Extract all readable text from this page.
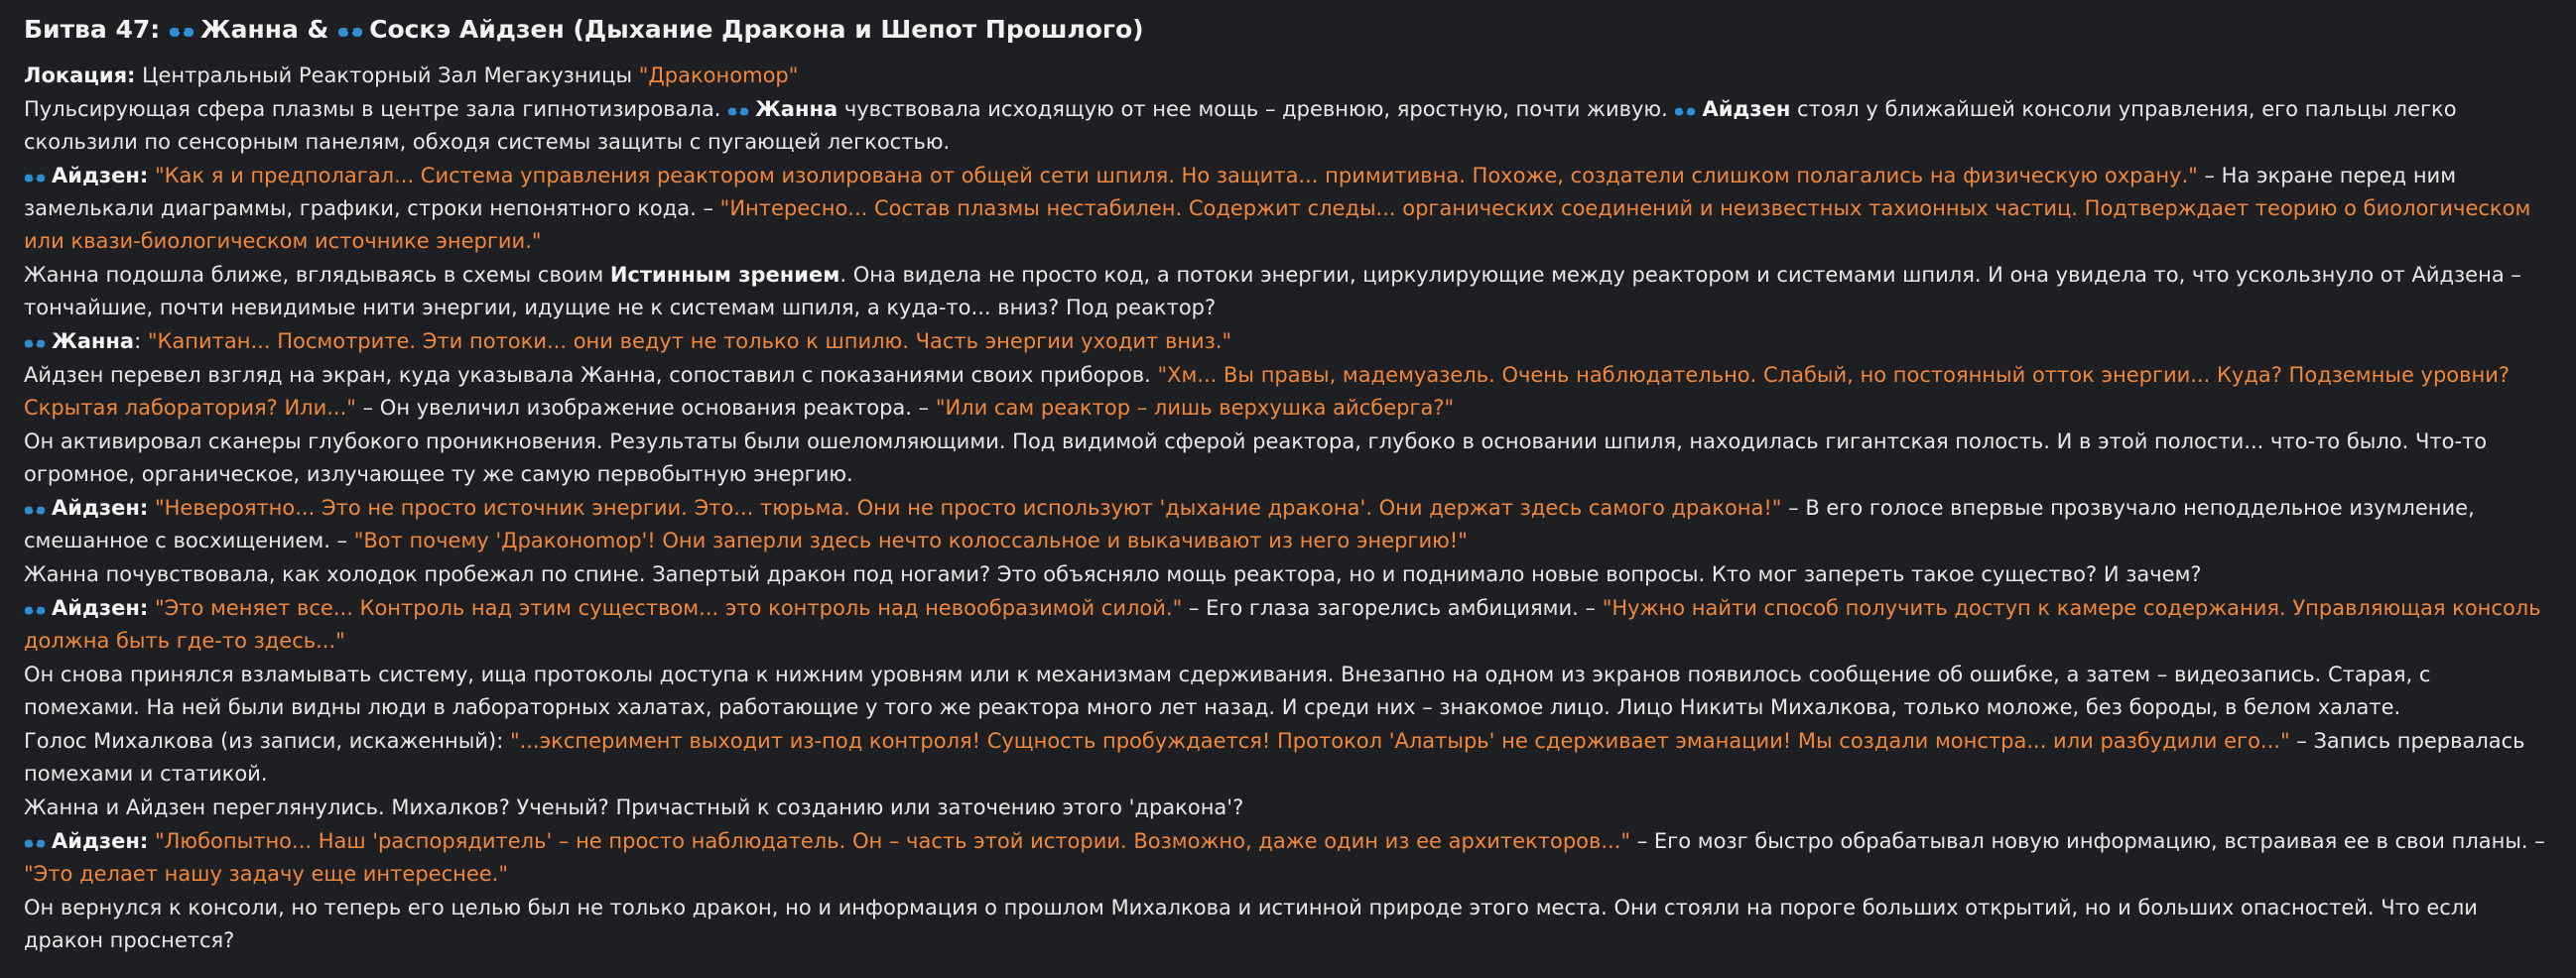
Битва 47: Жанна & Соскэ Айдзен (Дыхание Дракона и Шепот Прошлого)
Локация: Центральный Реакторный Зал Мегакузницы "Драконоmор"
Пульсирующая сфера плазмы в центре зала гипнотизировала.
Жанна чувствовала исходящую от нее мощь – древнюю, яростную, почти живую.
Айдзен стоял у ближайшей консоли управления, его пальцы легко скользили по сенсорным панелям, обходя системы защиты с пугающей легкостью.
Айдзен: "Как я и предполагал... Система управления реактором изолирована от общей сети шпиля. Но защита... примитивна. Похоже, создатели слишком полагались на физическую охрану." – На экране перед ним замелькали диаграммы, графики, строки непонятного кода. – "Интересно... Состав плазмы нестабилен. Содержит следы... органических соединений и неизвестных тахионных частиц. Подтверждает теорию о биологическом или квази-биологическом источнике энергии."
Жанна подошла ближе, вглядываясь в схемы своим Истинным зрением. Она видела не просто код, а потоки энергии, циркулирующие между реактором и системами шпиля. И она увидела то, что ускользнуло от Айдзена – тончайшие, почти невидимые нити энергии, идущие не к системам шпиля, а куда-то... вниз? Под реактор?
Жанна: "Капитан... Посмотрите. Эти потоки... они ведут не только к шпилю. Часть энергии уходит вниз."
Айдзен перевел взгляд на экран, куда указывала Жанна, сопоставил с показаниями своих приборов. "Хм... Вы правы, мадемуазель. Очень наблюдательно. Слабый, но постоянный отток энергии... Куда? Подземные уровни? Скрытая лаборатория? Или..." – Он увеличил изображение основания реактора. – "Или сам реактор – лишь верхушка айсберга?"
Он активировал сканеры глубокого проникновения. Результаты были ошеломляющими. Под видимой сферой реактора, глубоко в основании шпиля, находилась гигантская полость. И в этой полости... что-то было. Что-то огромное, органическое, излучающее ту же самую первобытную энергию.
Айдзен: "Невероятно... Это не просто источник энергии. Это... тюрьма. Они не просто используют 'дыхание дракона'. Они держат здесь самого дракона!" – В его голосе впервые прозвучало неподдельное изумление, смешанное с восхищением. – "Вот почему 'Драконоmор'! Они заперли здесь нечто колоссальное и выкачивают из него энергию!"
Жанна почувствовала, как холодок пробежал по спине. Запертый дракон под ногами? Это объясняло мощь реактора, но и поднимало новые вопросы. Кто мог запереть такое существо? И зачем?
Айдзен: "Это меняет все... Контроль над этим существом... это контроль над невообразимой силой." – Его глаза загорелись амбициями. – "Нужно найти способ получить доступ к камере содержания. Управляющая консоль должна быть где-то здесь..."
Он снова принялся взламывать систему, ища протоколы доступа к нижним уровням или к механизмам сдерживания. Внезапно на одном из экранов появилось сообщение об ошибке, а затем – видеозапись. Старая, с помехами. На ней были видны люди в лабораторных халатах, работающие у того же реактора много лет назад. И среди них – знакомое лицо. Лицо Никиты Михалкова, только моложе, без бороды, в белом халате.
Голос Михалкова (из записи, искаженный): "...эксперимент выходит из-под контроля! Сущность пробуждается! Протокол 'Алатырь' не сдерживает эманации! Мы создали монстра... или разбудили его..." – Запись прервалась помехами и статикой.
Жанна и Айдзен переглянулись. Михалков? Ученый? Причастный к созданию или заточению этого 'дракона'?
Айдзен: "Любопытно... Наш 'распорядитель' – не просто наблюдатель. Он – часть этой истории. Возможно, даже один из ее архитекторов..." – Его мозг быстро обрабатывал новую информацию, встраивая ее в свои планы. – "Это делает нашу задачу еще интереснее."
Он вернулся к консоли, но теперь его целью был не только дракон, но и информация о прошлом Михалкова и истинной природе этого места. Они стояли на пороге больших открытий, но и больших опасностей. Что если дракон проснется?
